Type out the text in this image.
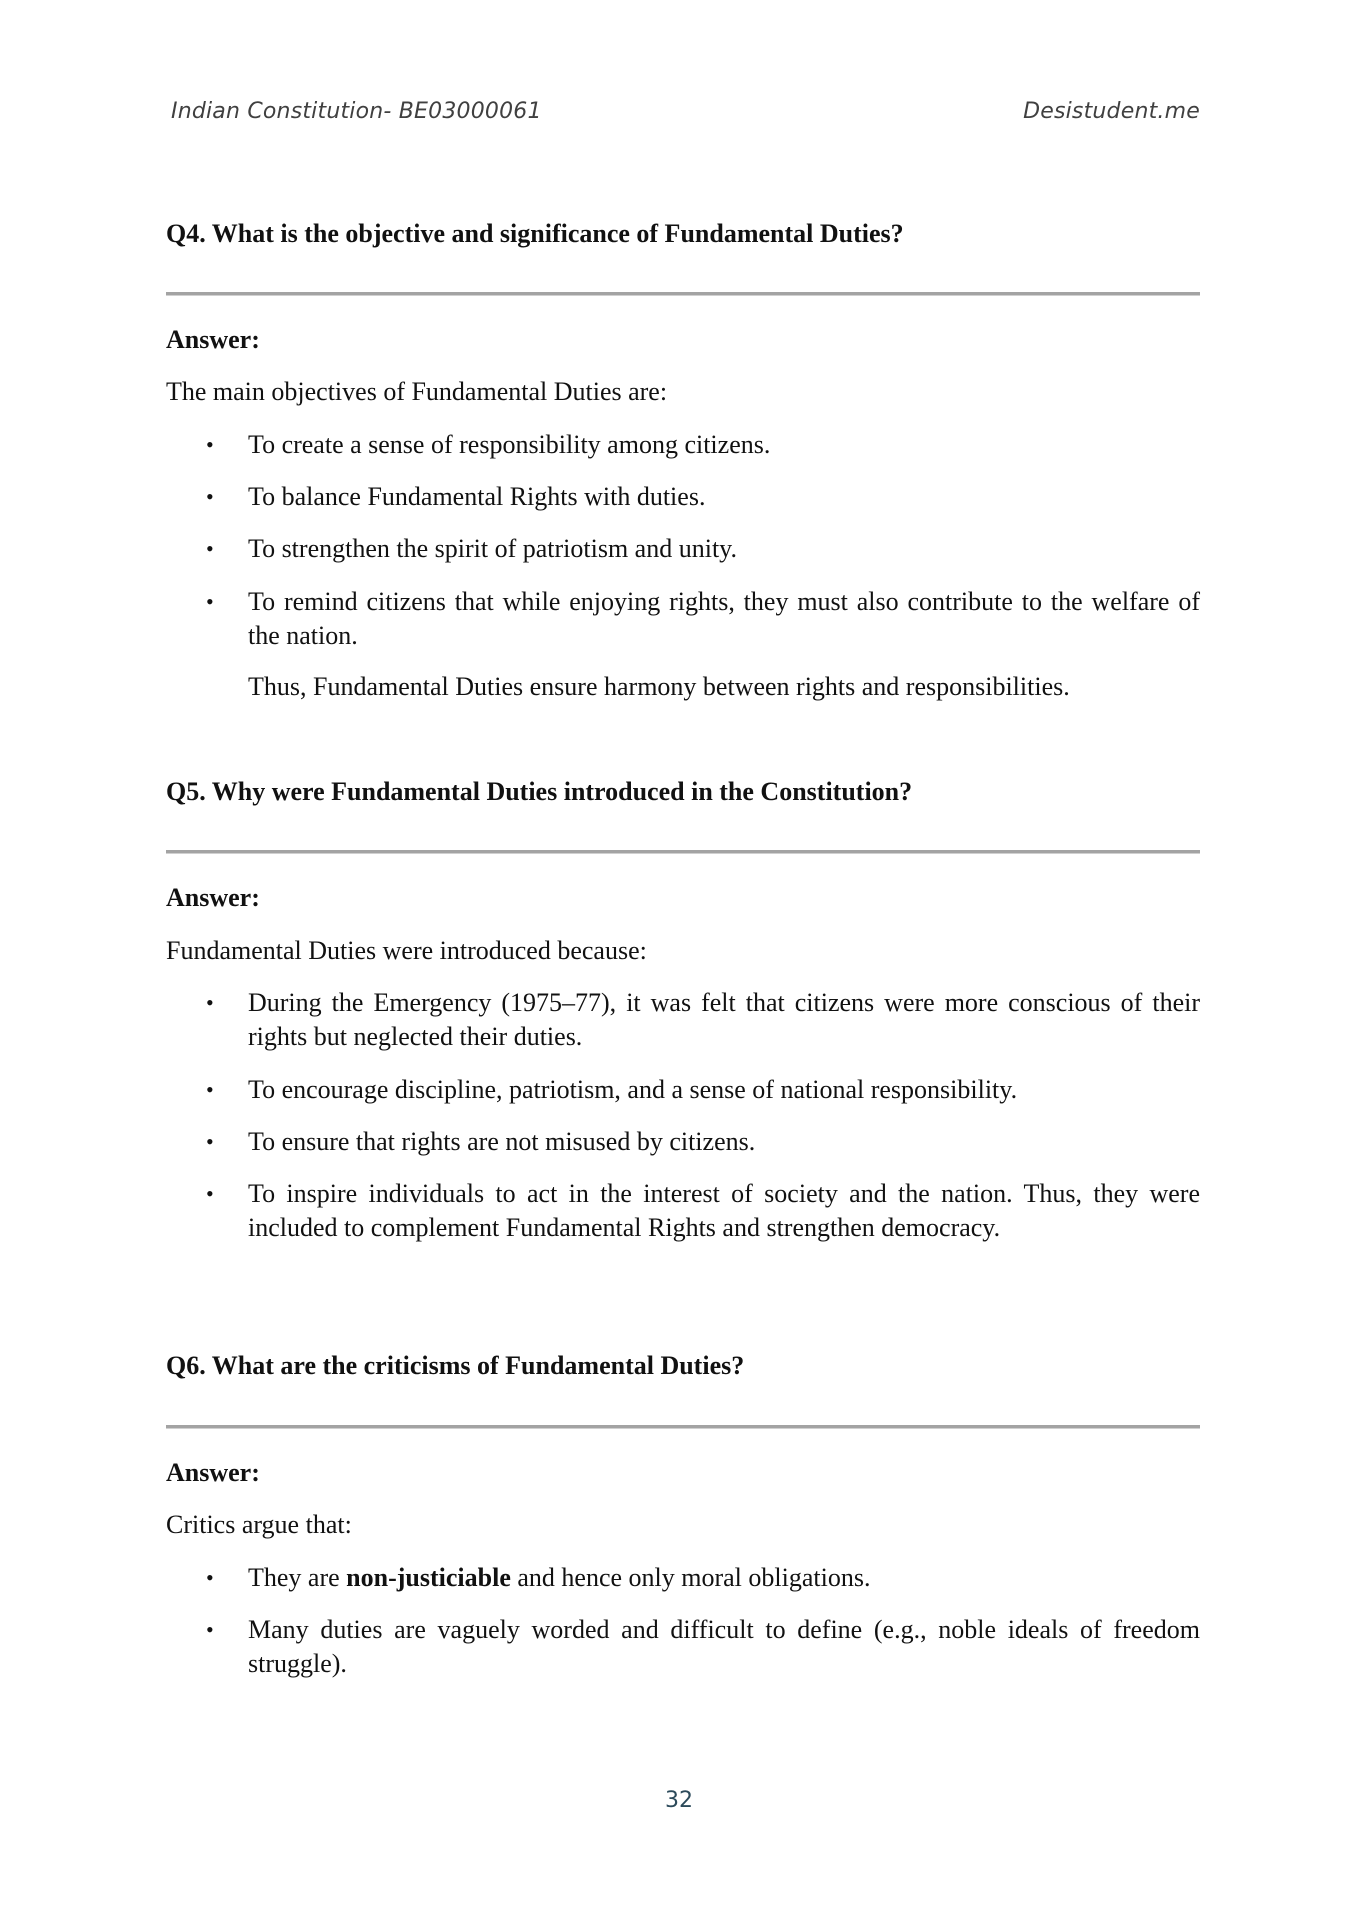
Indian Constitution- BE03000061	Desistudent.me

Q4. What is the objective and significance of Fundamental Duties?

Answer:

The main objectives of Fundamental Duties are:

• To create a sense of responsibility among citizens.
• To balance Fundamental Rights with duties.
• To strengthen the spirit of patriotism and unity.
• To remind citizens that while enjoying rights, they must also contribute to the welfare of the nation.

Thus, Fundamental Duties ensure harmony between rights and responsibilities.

Q5. Why were Fundamental Duties introduced in the Constitution?

Answer:

Fundamental Duties were introduced because:

• During the Emergency (1975–77), it was felt that citizens were more conscious of their rights but neglected their duties.
• To encourage discipline, patriotism, and a sense of national responsibility.
• To ensure that rights are not misused by citizens.
• To inspire individuals to act in the interest of society and the nation. Thus, they were included to complement Fundamental Rights and strengthen democracy.

Q6. What are the criticisms of Fundamental Duties?

Answer:

Critics argue that:

• They are non-justiciable and hence only moral obligations.
• Many duties are vaguely worded and difficult to define (e.g., noble ideals of freedom struggle).
32
